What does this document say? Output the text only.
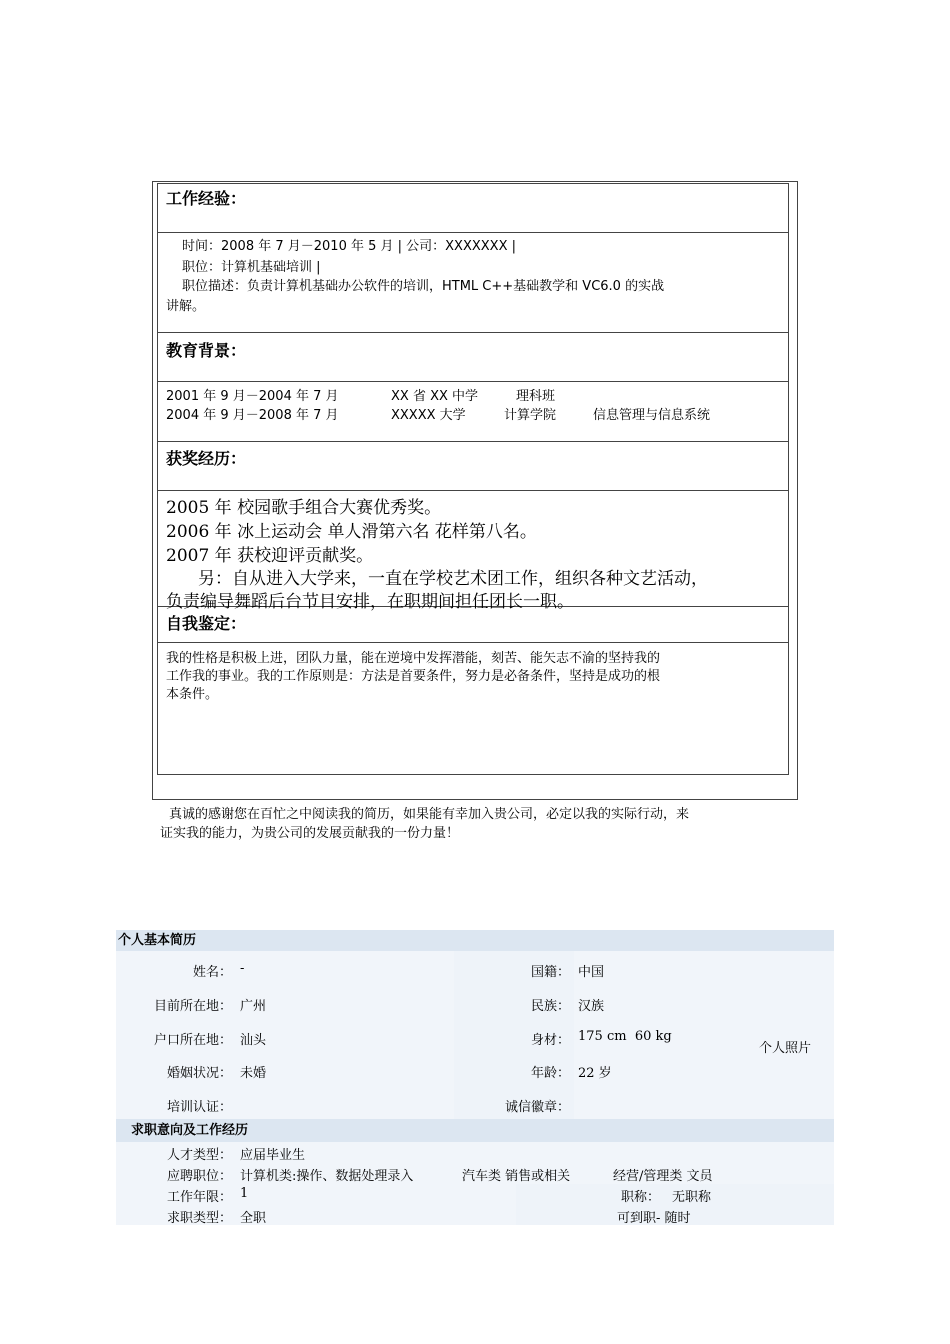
工作经验：
时间：2008 年 7 月－2010 年 5 月 | 公司：XXXXXXX |
职位：计算机基础培训 |
职位描述：负责计算机基础办公软件的培训，HTML C++基础教学和 VC6.0 的实战
讲解。
教育背景：
2001 年 9 月－2004 年 7 月	XX 省 XX 中学	理科班
2004 年 9 月－2008 年 7 月	XXXXX 大学	计算学院	信息管理与信息系统
获奖经历：
2005 年 校园歌手组合大赛优秀奖。
2006 年 冰上运动会 单人滑第六名 花样第八名。
2007 年 获校迎评贡献奖。
另：自从进入大学来，一直在学校艺术团工作，组织各种文艺活动，
负责编导舞蹈后台节目安排，在职期间担任团长一职。
自我鉴定：
我的性格是积极上进，团队力量，能在逆境中发挥潜能，刻苦、能矢志不渝的坚持我的
工作我的事业。我的工作原则是：方法是首要条件，努力是必备条件，坚持是成功的根
本条件。
真诚的感谢您在百忙之中阅读我的简历，如果能有幸加入贵公司，必定以我的实际行动，来
证实我的能力，为贵公司的发展贡献我的一份力量！
个人基本简历
姓名： -	国籍： 中国
目前所在地： 广州	民族： 汉族
户口所在地： 汕头	身材： 175 cm  60 kg
婚姻状况： 未婚	年龄： 22 岁
培训认证：	诚信徽章：
个人照片
求职意向及工作经历
人才类型： 应届毕业生
应聘职位： 计算机类:操作、数据处理录入	汽车类 销售或相关	经营/管理类 文员
工作年限： 1	职称： 无职称
求职类型： 全职	可到职- 随时
